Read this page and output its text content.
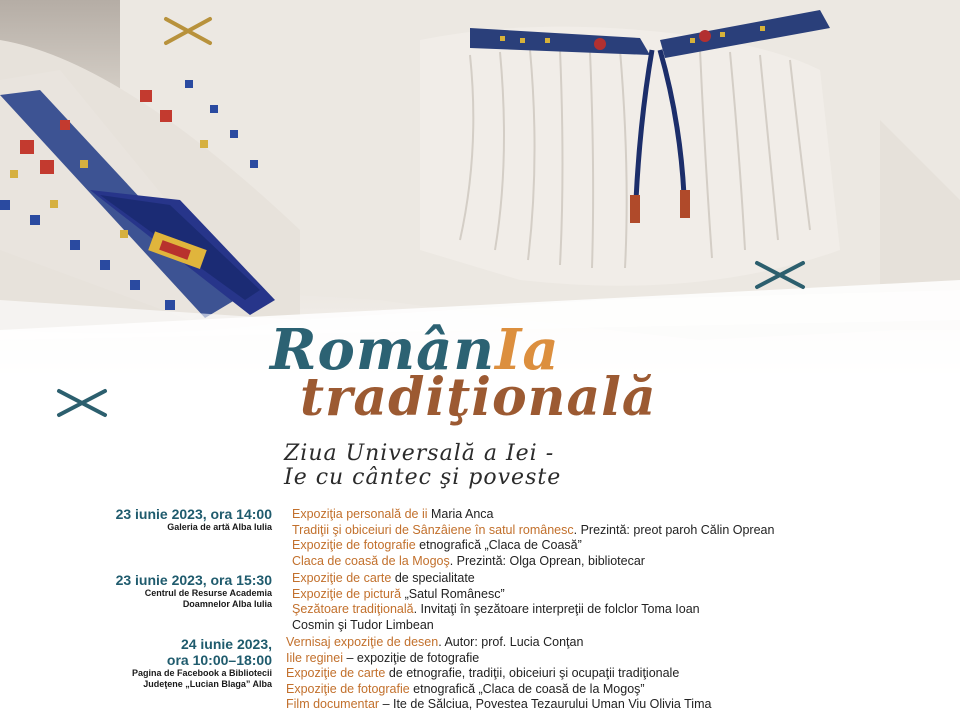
RomânIa
tradiţională
Ziua Universală a Iei -
Ie cu cântec şi poveste
23 iunie 2023, ora 14:00
Galeria de artă Alba Iulia
Expoziţia personală de ii Maria Anca
Tradiţii şi obiceiuri de Sânzâiene în satul românesc. Prezintă: preot paroh Călin Oprean
Expoziţie de fotografie etnografică „Claca de Coasă”
Claca de coasă de la Mogoş. Prezintă: Olga Oprean, bibliotecar
23 iunie 2023, ora 15:30
Centrul de Resurse Academia
Doamnelor Alba Iulia
Expoziţie de carte de specialitate
Expoziţie de pictură „Satul Românesc”
Şezătoare tradiţională. Invitaţi în şezătoare interpreţii de folclor Toma Ioan
Cosmin şi Tudor Limbean
24 iunie 2023,
ora 10:00–18:00
Pagina de Facebook a Bibliotecii
Judeţene „Lucian Blaga” Alba
Vernisaj expoziţie de desen. Autor: prof. Lucia Conţan
Iile reginei – expoziţie de fotografie
Expoziţie de carte de etnografie, tradiţii, obiceiuri şi ocupaţii tradiţionale
Expoziţie de fotografie etnografică „Claca de coasă de la Mogoş”
Film documentar – Ite de Sălciua, Povestea Tezaurului Uman Viu Olivia Tima
